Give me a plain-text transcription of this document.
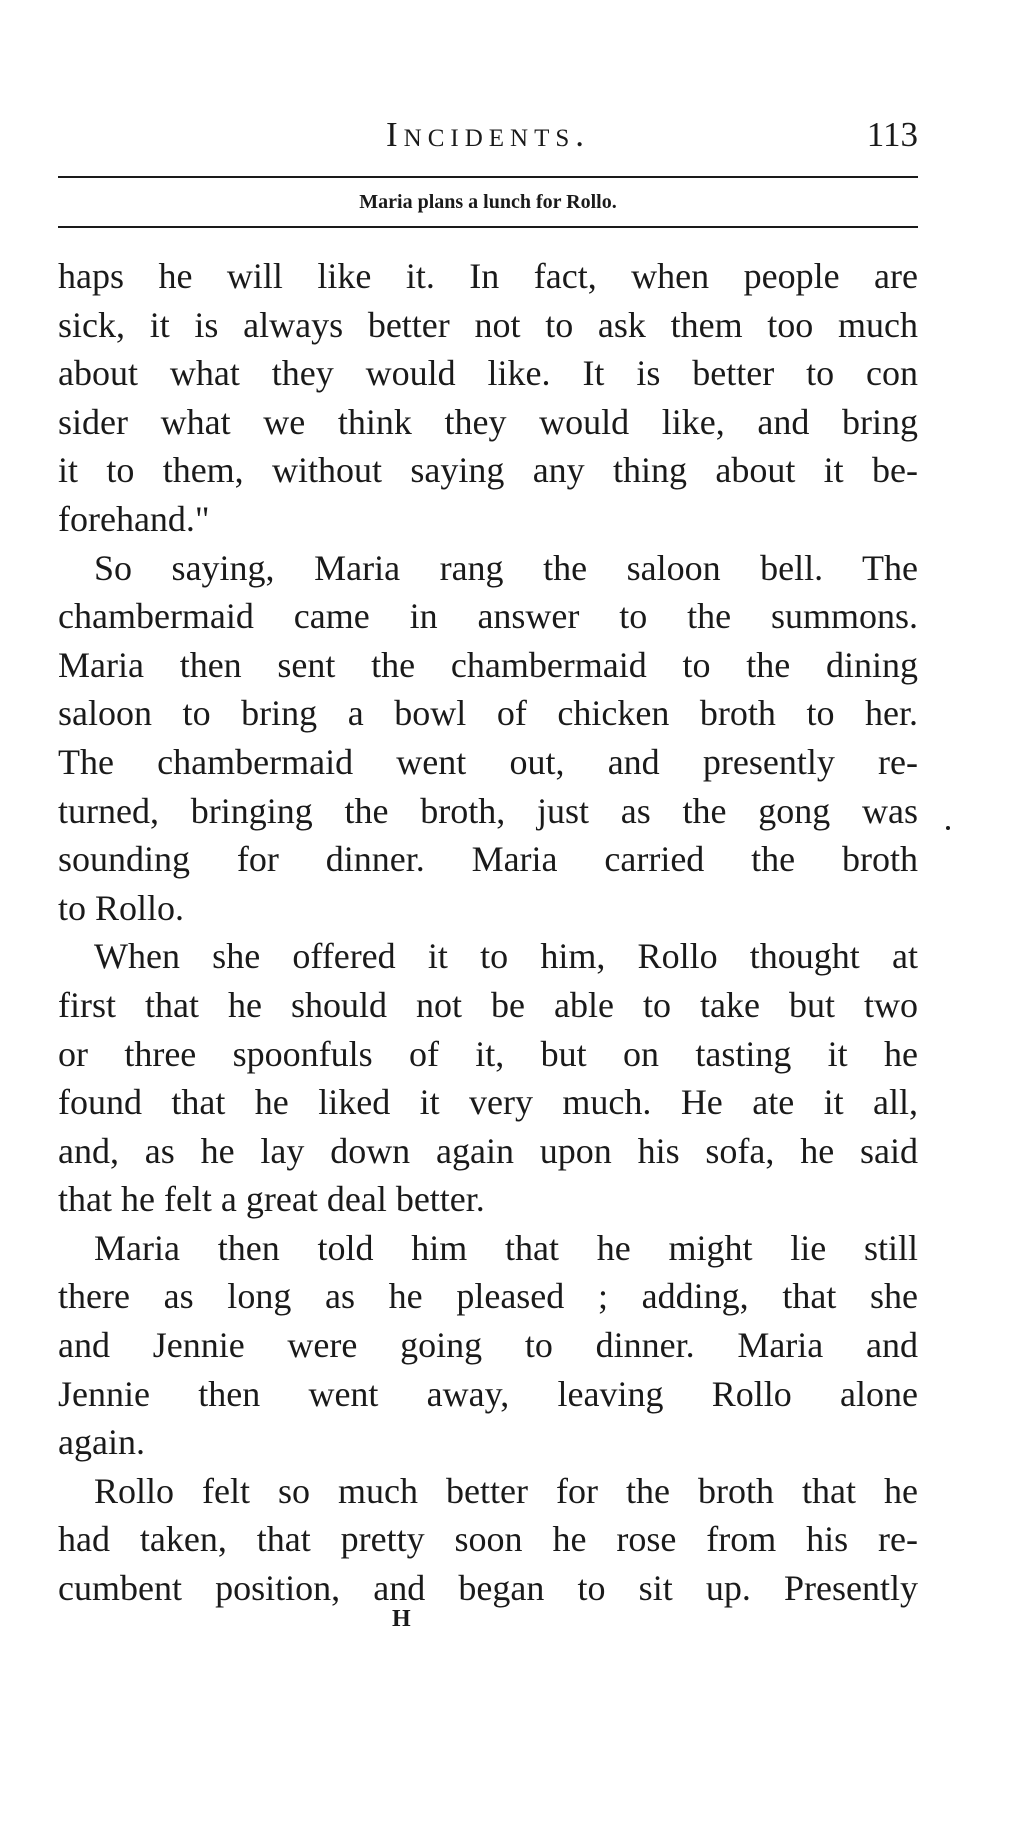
Incidents.	113
Maria plans a lunch for Rollo.

haps he will like it. In fact, when people are
sick, it is always better not to ask them too much
about what they would like. It is better to con
sider what we think they would like, and bring
it to them, without saying any thing about it be-
forehand."

So saying, Maria rang the saloon bell. The
chambermaid came in answer to the summons.
Maria then sent the chambermaid to the dining
saloon to bring a bowl of chicken broth to her.
The chambermaid went out, and presently re-
turned, bringing the broth, just as the gong was
sounding for dinner. Maria carried the broth
to Rollo.

When she offered it to him, Rollo thought at
first that he should not be able to take but two
or three spoonfuls of it, but on tasting it he
found that he liked it very much. He ate it all,
and, as he lay down again upon his sofa, he said
that he felt a great deal better.

Maria then told him that he might lie still
there as long as he pleased ; adding, that she
and Jennie were going to dinner. Maria and
Jennie then went away, leaving Rollo alone
again.

Rollo felt so much better for the broth that he
had taken, that pretty soon he rose from his re-
cumbent position, and began to sit up. Presently

H
